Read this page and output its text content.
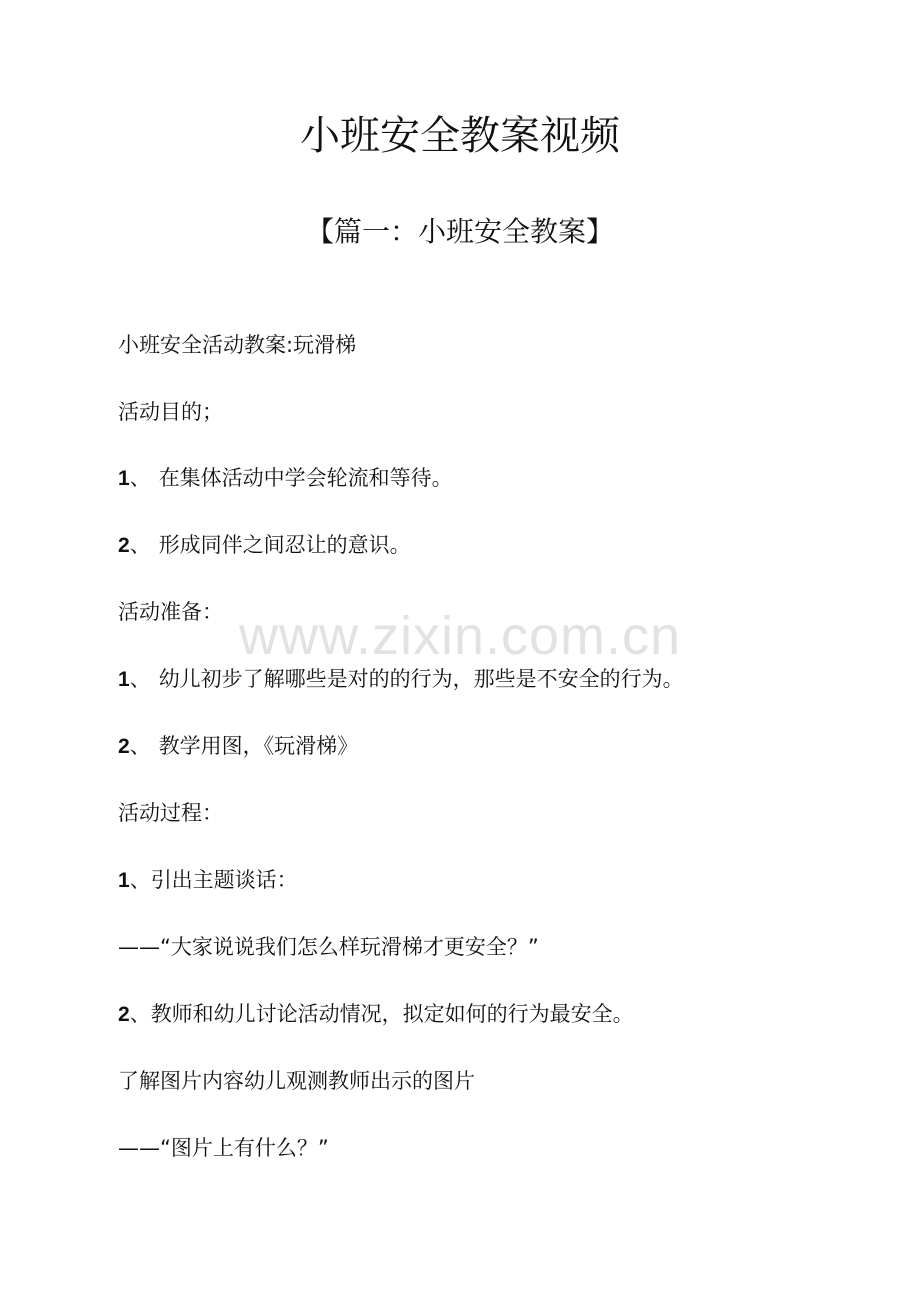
小班安全教案视频
【篇一：小班安全教案】
www.zixin.com.cn
小班安全活动教案:玩滑梯
活动目的；
1、 在集体活动中学会轮流和等待。
2、 形成同伴之间忍让的意识。
活动准备：
1、 幼儿初步了解哪些是对的的行为，那些是不安全的行为。
2、 教学用图，《玩滑梯》
活动过程：
1、引出主题谈话：
——“大家说说我们怎么样玩滑梯才更安全？”
2、教师和幼儿讨论活动情况，拟定如何的行为最安全。
了解图片内容幼儿观测教师出示的图片
——“图片上有什么？”
